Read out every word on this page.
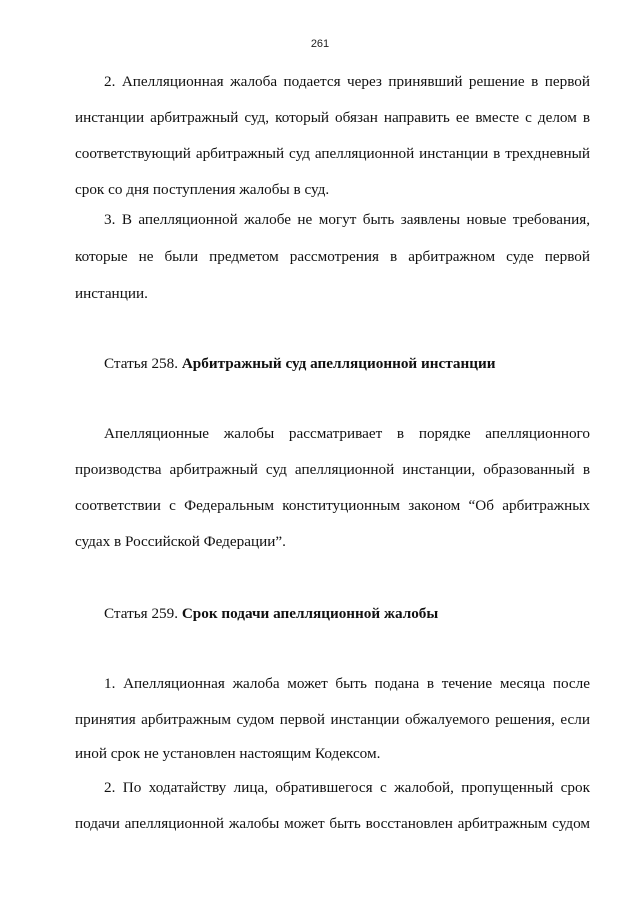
261
2. Апелляционная жалоба подается через принявший решение в первой
инстанции арбитражный суд, который обязан направить ее вместе с делом в
соответствующий арбитражный суд апелляционной инстанции в трехдневный
срок со дня поступления жалобы в суд.
3. В апелляционной жалобе не могут быть заявлены новые требования,
которые не были предметом рассмотрения в арбитражном суде первой
инстанции.
Статья 258. Арбитражный суд апелляционной инстанции
Апелляционные жалобы рассматривает в порядке апелляционного
производства арбитражный суд апелляционной инстанции, образованный в
соответствии с Федеральным конституционным законом “Об арбитражных
судах в Российской Федерации”.
Статья 259. Срок подачи апелляционной жалобы
1. Апелляционная жалоба может быть подана в течение месяца после
принятия арбитражным судом первой инстанции обжалуемого решения, если
иной срок не установлен настоящим Кодексом.
2. По ходатайству лица, обратившегося с жалобой, пропущенный срок
подачи апелляционной жалобы может быть восстановлен арбитражным судом
